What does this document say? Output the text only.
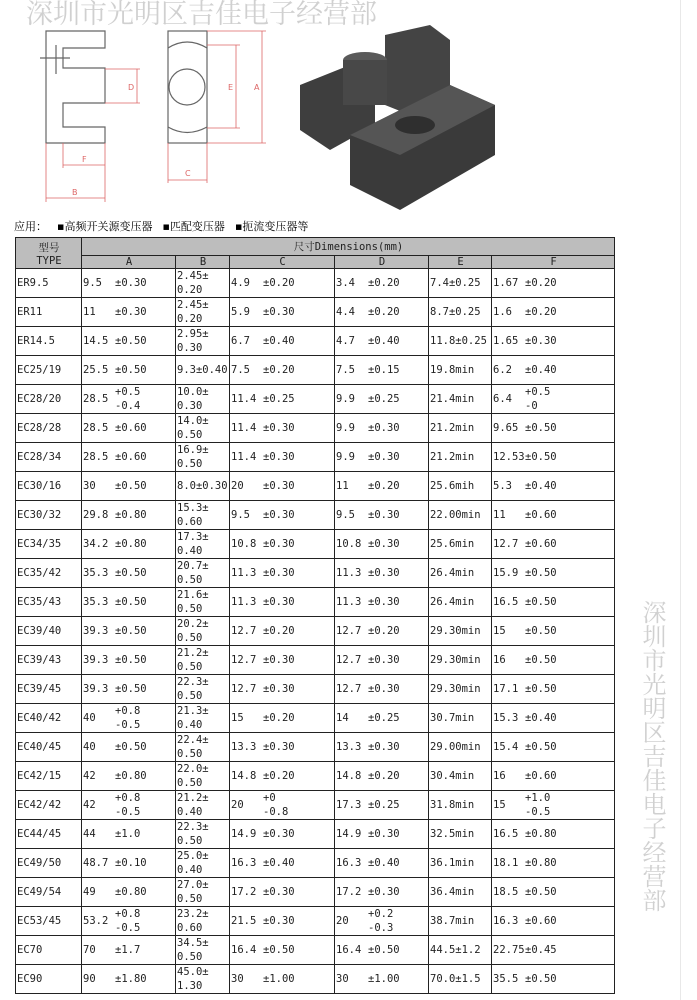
D	E	A
F
B
C
深圳市光明区吉佳电子经营部
应用： ▪高频开关源变压器 ▪匹配变压器 ▪扼流变压器等
型号
TYPE
	尺寸Dimensions(mm)
A	B	C	D	E	F
ER9.5	9.5 ±0.30	2.45±
0.20	4.9 ±0.20	3.4 ±0.20	7.4±0.25	1.67 ±0.20
ER11	11 ±0.30	2.45±
0.20	5.9 ±0.30	4.4 ±0.20	8.7±0.25	1.6 ±0.20
ER14.5	14.5 ±0.50	2.95±
0.30	6.7 ±0.40	4.7 ±0.40	11.8±0.25	1.65 ±0.30
EC25/19	25.5 ±0.50	9.3±0.40	7.5 ±0.20	7.5 ±0.15	19.8min	6.2 ±0.40
EC28/20	28.5+0.5
-0.4	10.0±
0.30	11.4 ±0.25	9.9 ±0.25	21.4min	6.4+0.5
-0
EC28/28	28.5 ±0.60	14.0±
0.50	11.4 ±0.30	9.9 ±0.30	21.2min	9.65 ±0.50
EC28/34	28.5 ±0.60	16.9±
0.50	11.4 ±0.30	9.9 ±0.30	21.2min	12.53±0.50
EC30/16	30 ±0.50	8.0±0.30	20 ±0.30	11 ±0.20	25.6mih	5.3 ±0.40
EC30/32	29.8 ±0.80	15.3±
0.60	9.5 ±0.30	9.5 ±0.30	22.00min	11 ±0.60
EC34/35	34.2 ±0.80	17.3±
0.40	10.8 ±0.30	10.8 ±0.30	25.6min	12.7 ±0.60
EC35/42	35.3 ±0.50	20.7±
0.50	11.3 ±0.30	11.3 ±0.30	26.4min	15.9 ±0.50
EC35/43	35.3 ±0.50	21.6±
0.50	11.3 ±0.30	11.3 ±0.30	26.4min	16.5 ±0.50
EC39/40	39.3 ±0.50	20.2±
0.50	12.7 ±0.20	12.7 ±0.20	29.30min	15 ±0.50
EC39/43	39.3 ±0.50	21.2±
0.50	12.7 ±0.30	12.7 ±0.30	29.30min	16 ±0.50
EC39/45	39.3 ±0.50	22.3±
0.50	12.7 ±0.30	12.7 ±0.30	29.30min	17.1 ±0.50
EC40/42	40+0.8
-0.5	21.3±
0.40	15 ±0.20	14 ±0.25	30.7min	15.3 ±0.40
EC40/45	40 ±0.50	22.4±
0.50	13.3 ±0.30	13.3 ±0.30	29.00min	15.4 ±0.50
EC42/15	42 ±0.80	22.0±
0.50	14.8 ±0.20	14.8 ±0.20	30.4min	16 ±0.60
EC42/42	42+0.8
-0.5	21.2±
0.40	20+0
-0.8	17.3 ±0.25	31.8min	15+1.0
-0.5
EC44/45	44 ±1.0	22.3±
0.50	14.9 ±0.30	14.9 ±0.30	32.5min	16.5 ±0.80
EC49/50	48.7 ±0.10	25.0±
0.40	16.3 ±0.40	16.3 ±0.40	36.1min	18.1 ±0.80
EC49/54	49 ±0.80	27.0±
0.50	17.2 ±0.30	17.2 ±0.30	36.4min	18.5 ±0.50
EC53/45	53.2+0.8
-0.5	23.2±
0.60	21.5 ±0.30	20+0.2
-0.3	38.7min	16.3 ±0.60
EC70	70 ±1.7	34.5±
0.50	16.4 ±0.50	16.4 ±0.50	44.5±1.2	22.75±0.45
EC90	90 ±1.80	45.0±
1.30	30 ±1.00	30 ±1.00	70.0±1.5	35.5 ±0.50
深圳市光明区吉佳电子经营部
